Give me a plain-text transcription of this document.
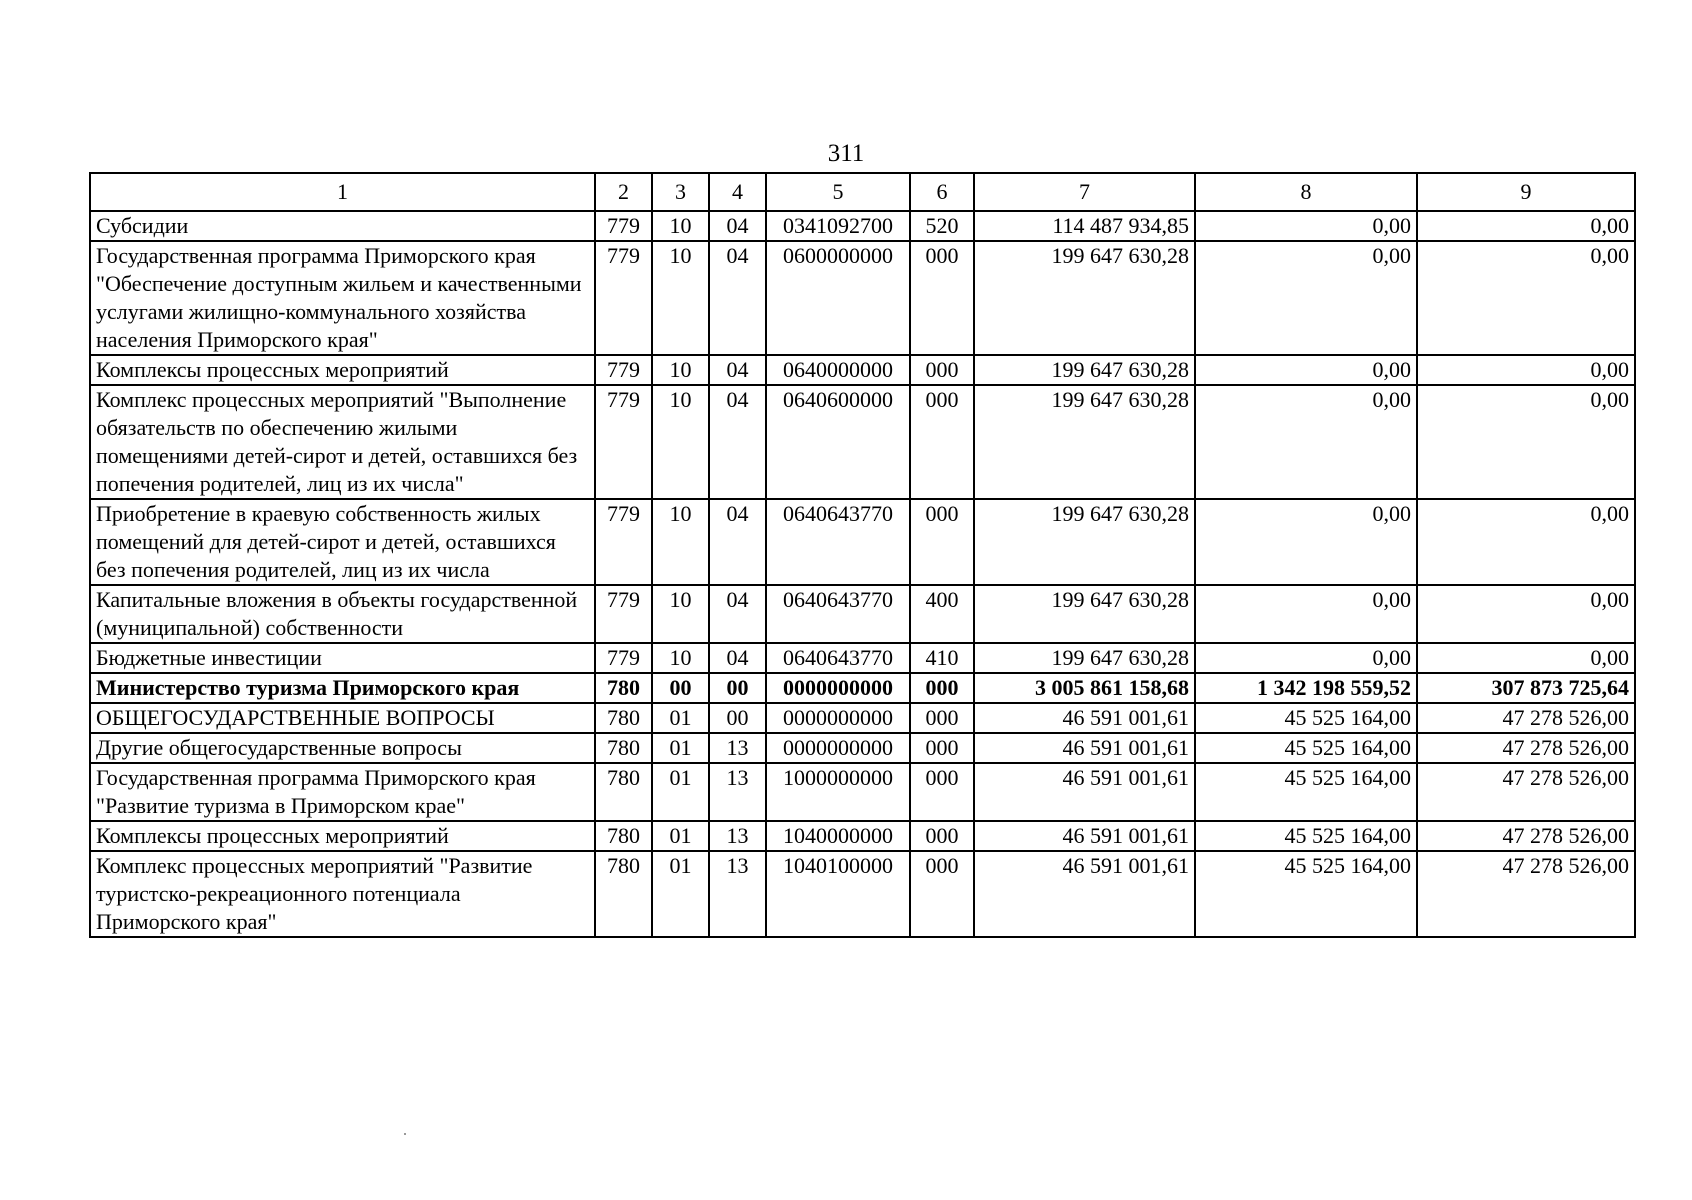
311
1	2	3	4	5	6	7	8	9
Субсидии	779	10	04	0341092700	520	114 487 934,85	0,00	0,00
Государственная программа Приморского края "Обеспечение доступным жильем и качественными услугами жилищно-коммунального хозяйства населения Приморского края"	779	10	04	0600000000	000	199 647 630,28	0,00	0,00
Комплексы процессных мероприятий	779	10	04	0640000000	000	199 647 630,28	0,00	0,00
Комплекс процессных мероприятий "Выполнение обязательств по обеспечению жилыми помещениями детей-сирот и детей, оставшихся без попечения родителей, лиц из их числа"	779	10	04	0640600000	000	199 647 630,28	0,00	0,00
Приобретение в краевую собственность жилых помещений для детей-сирот и детей, оставшихся без попечения родителей, лиц из их числа	779	10	04	0640643770	000	199 647 630,28	0,00	0,00
Капитальные вложения в объекты государственной (муниципальной) собственности	779	10	04	0640643770	400	199 647 630,28	0,00	0,00
Бюджетные инвестиции	779	10	04	0640643770	410	199 647 630,28	0,00	0,00
Министерство туризма Приморского края	780	00	00	0000000000	000	3 005 861 158,68	1 342 198 559,52	307 873 725,64
ОБЩЕГОСУДАРСТВЕННЫЕ ВОПРОСЫ	780	01	00	0000000000	000	46 591 001,61	45 525 164,00	47 278 526,00
Другие общегосударственные вопросы	780	01	13	0000000000	000	46 591 001,61	45 525 164,00	47 278 526,00
Государственная программа Приморского края "Развитие туризма в Приморском крае"	780	01	13	1000000000	000	46 591 001,61	45 525 164,00	47 278 526,00
Комплексы процессных мероприятий	780	01	13	1040000000	000	46 591 001,61	45 525 164,00	47 278 526,00
Комплекс процессных мероприятий "Развитие туристско-рекреационного потенциала Приморского края"	780	01	13	1040100000	000	46 591 001,61	45 525 164,00	47 278 526,00
